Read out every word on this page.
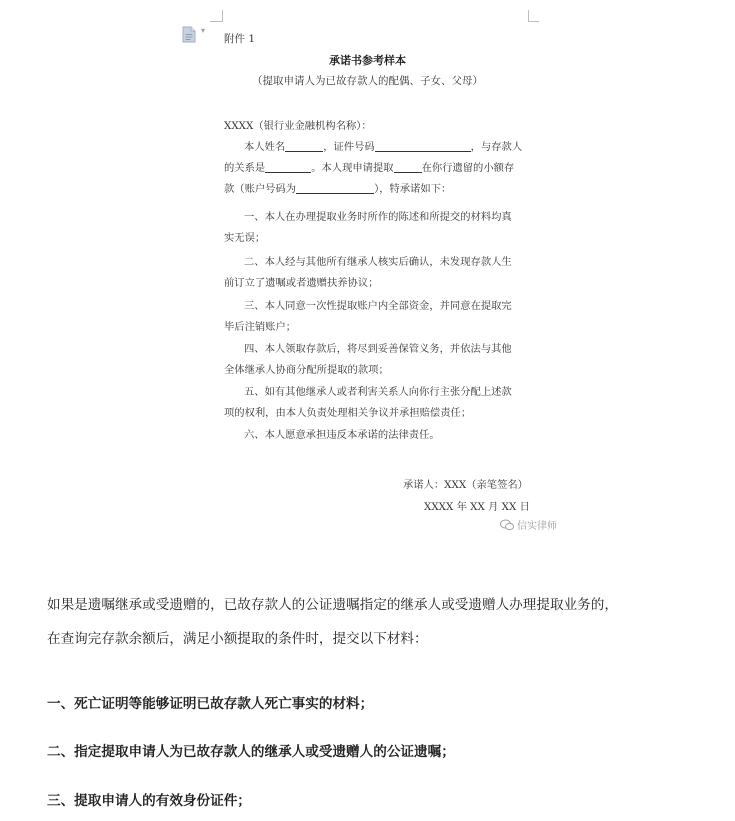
▾
附件 1
承诺书参考样本
（提取申请人为已故存款人的配偶、子女、父母）
XXXX（银行业金融机构名称）：
本人姓名	，证件号码	，与存款人
的关系是	。本人现申请提取	在你行遗留的小额存
款（账户号码为	），特承诺如下：
一、本人在办理提取业务时所作的陈述和所提交的材料均真
实无误；
二、本人经与其他所有继承人核实后确认，未发现存款人生
前订立了遗嘱或者遗赠扶养协议；
三、本人同意一次性提取账户内全部资金，并同意在提取完
毕后注销账户；
四、本人领取存款后，将尽到妥善保管义务，并依法与其他
全体继承人协商分配所提取的款项；
五、如有其他继承人或者利害关系人向你行主张分配上述款
项的权利，由本人负责处理相关争议并承担赔偿责任；
六、本人愿意承担违反本承诺的法律责任。
承诺人：XXX（亲笔签名）
XXXX 年 XX 月 XX 日
信实律师
如果是遗嘱继承或受遗赠的，已故存款人的公证遗嘱指定的继承人或受遗赠人办理提取业务的，
在查询完存款余额后，满足小额提取的条件时，提交以下材料：
一、死亡证明等能够证明已故存款人死亡事实的材料；
二、指定提取申请人为已故存款人的继承人或受遗赠人的公证遗嘱；
三、提取申请人的有效身份证件；
